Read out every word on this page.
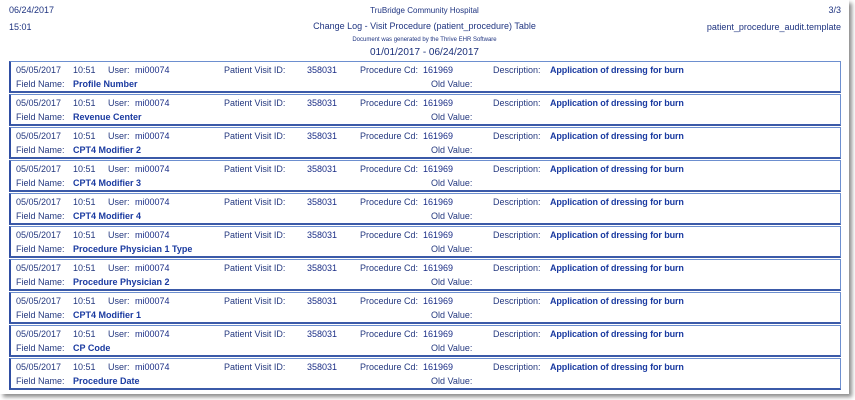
06/24/2017
15:01
3/3
patient_procedure_audit.template
TruBridge Community Hospital
Change Log - Visit Procedure (patient_procedure) Table
Document was generated by the Thrive EHR Software
01/01/2017 - 06/24/2017
05/05/2017 10:51 User: mi00074	Patient Visit ID: 358031	Procedure Cd: 161969	Description: Application of dressing for burn
Field Name: Profile Number	Old Value:
05/05/2017 10:51 User: mi00074	Patient Visit ID: 358031	Procedure Cd: 161969	Description: Application of dressing for burn
Field Name: Revenue Center	Old Value:
05/05/2017 10:51 User: mi00074	Patient Visit ID: 358031	Procedure Cd: 161969	Description: Application of dressing for burn
Field Name: CPT4 Modifier 2	Old Value:
05/05/2017 10:51 User: mi00074	Patient Visit ID: 358031	Procedure Cd: 161969	Description: Application of dressing for burn
Field Name: CPT4 Modifier 3	Old Value:
05/05/2017 10:51 User: mi00074	Patient Visit ID: 358031	Procedure Cd: 161969	Description: Application of dressing for burn
Field Name: CPT4 Modifier 4	Old Value:
05/05/2017 10:51 User: mi00074	Patient Visit ID: 358031	Procedure Cd: 161969	Description: Application of dressing for burn
Field Name: Procedure Physician 1 Type	Old Value:
05/05/2017 10:51 User: mi00074	Patient Visit ID: 358031	Procedure Cd: 161969	Description: Application of dressing for burn
Field Name: Procedure Physician 2	Old Value:
05/05/2017 10:51 User: mi00074	Patient Visit ID: 358031	Procedure Cd: 161969	Description: Application of dressing for burn
Field Name: CPT4 Modifier 1	Old Value:
05/05/2017 10:51 User: mi00074	Patient Visit ID: 358031	Procedure Cd: 161969	Description: Application of dressing for burn
Field Name: CP Code	Old Value:
05/05/2017 10:51 User: mi00074	Patient Visit ID: 358031	Procedure Cd: 161969	Description: Application of dressing for burn
Field Name: Procedure Date	Old Value:
